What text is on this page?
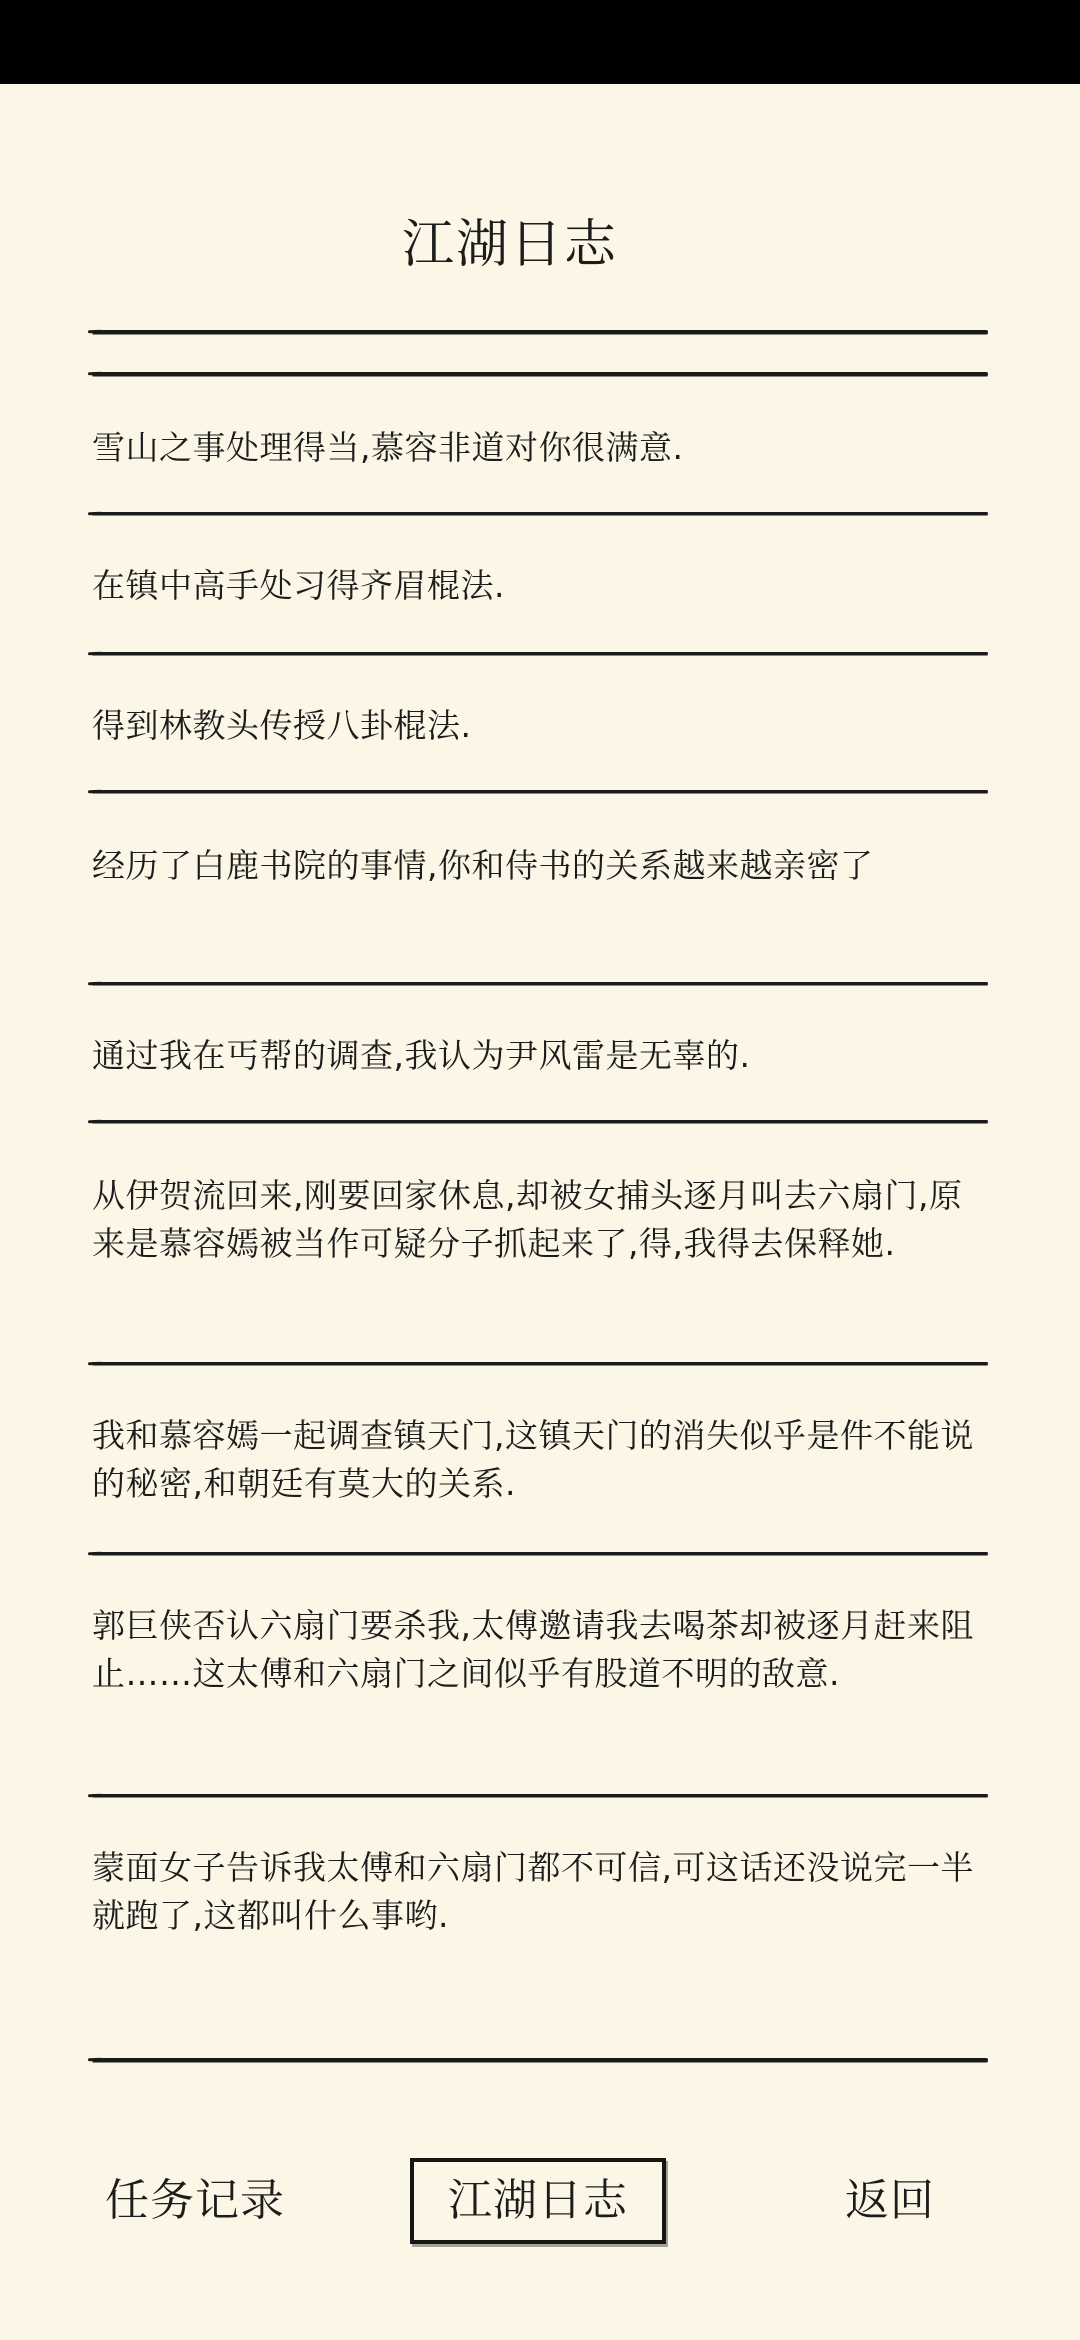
江湖日志
雪山之事处理得当,慕容非道对你很满意.
在镇中高手处习得齐眉棍法.
得到林教头传授八卦棍法.
经历了白鹿书院的事情,你和侍书的关系越来越亲密了
通过我在丐帮的调查,我认为尹风雷是无辜的.
从伊贺流回来,刚要回家休息,却被女捕头逐月叫去六扇门,原来是慕容嫣被当作可疑分子抓起来了,得,我得去保释她.
我和慕容嫣一起调查镇天门,这镇天门的消失似乎是件不能说的秘密,和朝廷有莫大的关系.
郭巨侠否认六扇门要杀我,太傅邀请我去喝茶却被逐月赶来阻止……这太傅和六扇门之间似乎有股道不明的敌意.
蒙面女子告诉我太傅和六扇门都不可信,可这话还没说完一半就跑了,这都叫什么事哟.
任务记录	江湖日志	返回
